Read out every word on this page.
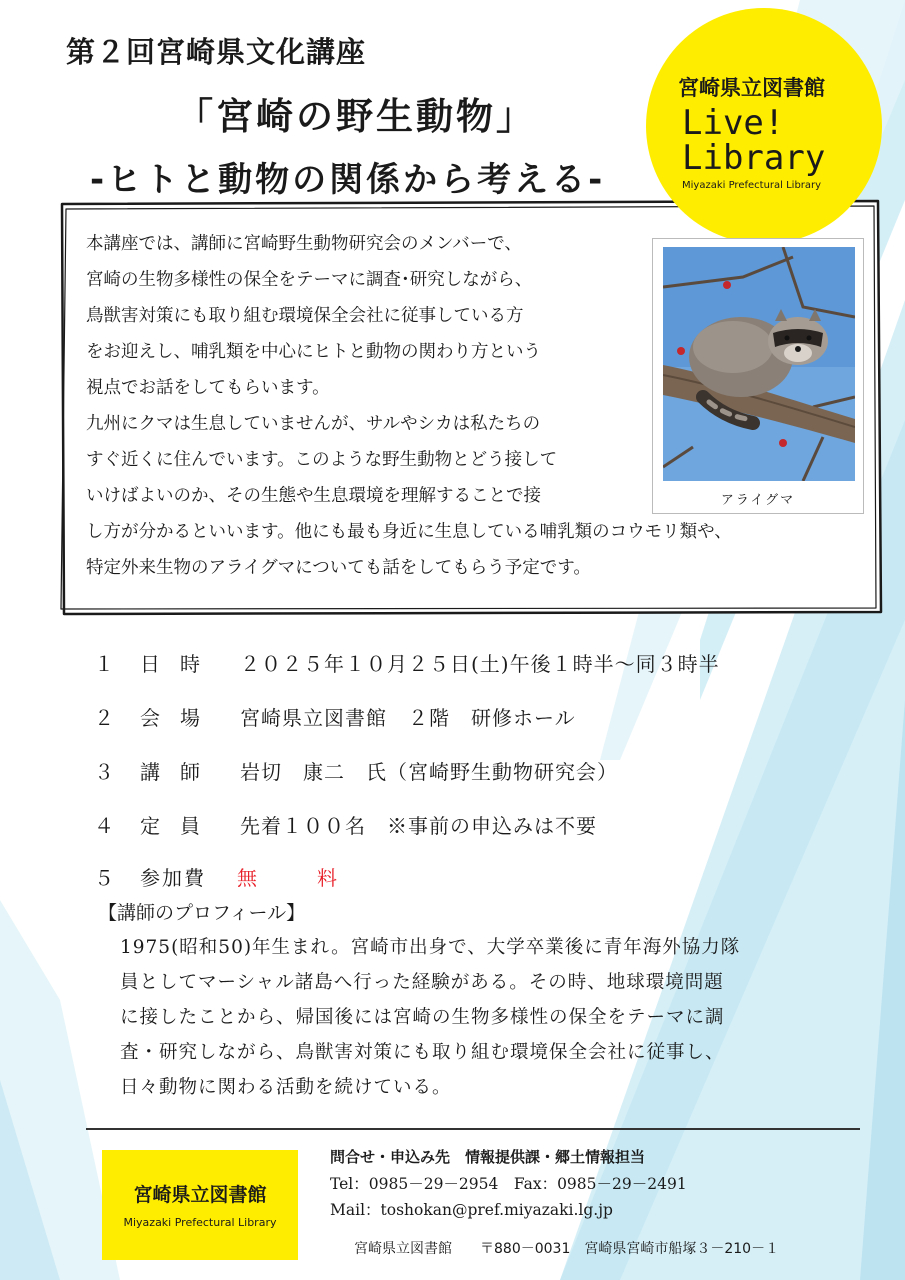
第２回宮崎県文化講座
「宮崎の野生動物」
-ヒトと動物の関係から考える-
宮崎県立図書館
Live!
Library
Miyazaki Prefectural Library

本講座では、講師に宮崎野生動物研究会のメンバーで、

宮崎の生物多様性の保全をテーマに調査･研究しながら、

鳥獣害対策にも取り組む環境保全会社に従事している方

をお迎えし、哺乳類を中心にヒトと動物の関わり方という

視点でお話をしてもらいます。

九州にクマは生息していませんが、サルやシカは私たちの

すぐ近くに住んでいます。このような野生動物とどう接して

いけばよいのか、その生態や生息環境を理解することで接

し方が分かるといいます。他にも最も身近に生息している哺乳類のコウモリ類や、

特定外来生物のアライグマについても話をしてもらう予定です。

アライグマ
１ 日時 ２０２５年１０月２５日(土)午後１時半～同３時半
２ 会場 宮崎県立図書館　２階　研修ホール
３ 講師 岩切　康二　氏（宮崎野生動物研究会）
４ 定員 先着１００名　※事前の申込みは不要
５ 参加費 無　料
【講師のプロフィール】

1975(昭和50)年生まれ。宮崎市出身で、大学卒業後に青年海外協力隊

員としてマーシャル諸島へ行った経験がある。その時、地球環境問題

に接したことから、帰国後には宮崎の生物多様性の保全をテーマに調

査・研究しながら、鳥獣害対策にも取り組む環境保全会社に従事し、

日々動物に関わる活動を続けている。

宮崎県立図書館
Miyazaki Prefectural Library
問合せ・申込み先　情報提供課・郷土情報担当
Tel：0985－29－2954　Fax：0985－29－2491
Mail：toshokan@pref.miyazaki.lg.jp
宮崎県立図書館　　〒880－0031　宮崎県宮崎市船塚３－210－１
